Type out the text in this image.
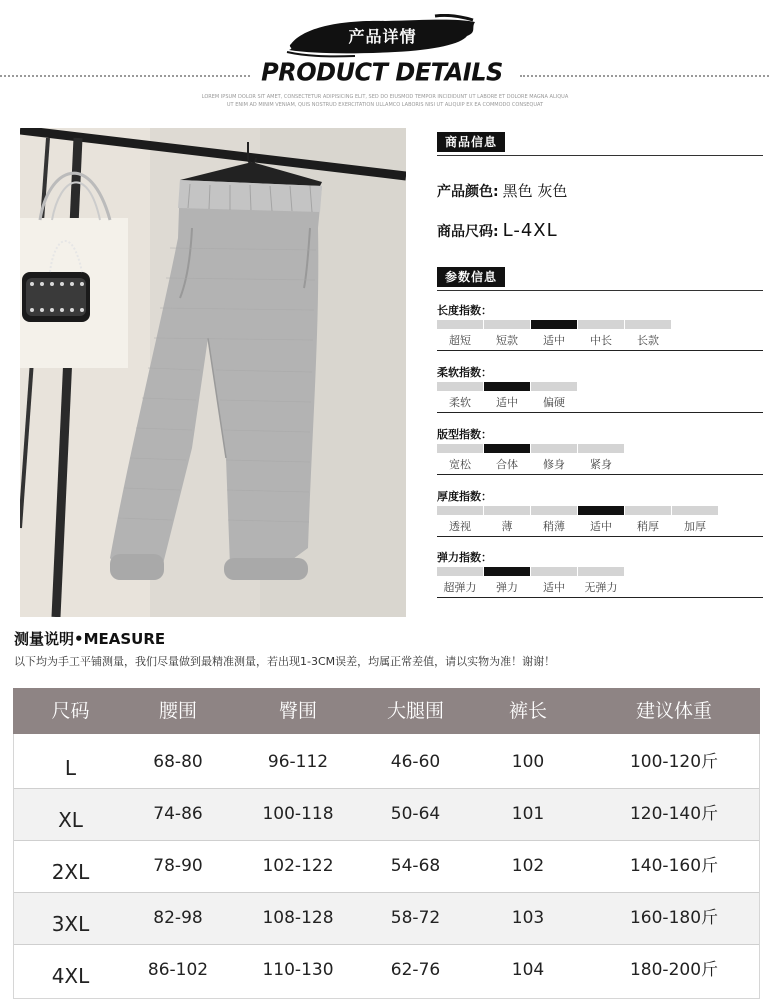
产品详情
PRODUCT DETAILS
LOREM IPSUM DOLOR SIT AMET, CONSECTETUR ADIPISICING ELIT, SED DO EIUSMOD TEMPOR INCIDIDUNT UT LABORE ET DOLORE MAGNA ALIQUA
UT ENIM AD MINIM VENIAM, QUIS NOSTRUD EXERCITATION ULLAMCO LABORIS NISI UT ALIQUIP EX EA COMMODO CONSEQUAT
商品信息
产品颜色: 黑色 灰色
商品尺码: L-4XL
参数信息
长度指数：
超短	短款	适中	中长	长款
柔软指数：
柔软	适中	偏硬
版型指数：
宽松	合体	修身	紧身
厚度指数：
透视	薄	稍薄	适中	稍厚	加厚
弹力指数：
超弹力	弹力	适中	无弹力
测量说明•MEASURE
以下均为手工平铺测量，我们尽量做到最精准测量，若出现1-3CM误差，均属正常差值，请以实物为准！谢谢！
尺码	腰围	臀围	大腿围	裤长	建议体重
L	68-80	96-112	46-60	100	100-120斤
XL	74-86	100-118	50-64	101	120-140斤
2XL	78-90	102-122	54-68	102	140-160斤
3XL	82-98	108-128	58-72	103	160-180斤
4XL	86-102	110-130	62-76	104	180-200斤
